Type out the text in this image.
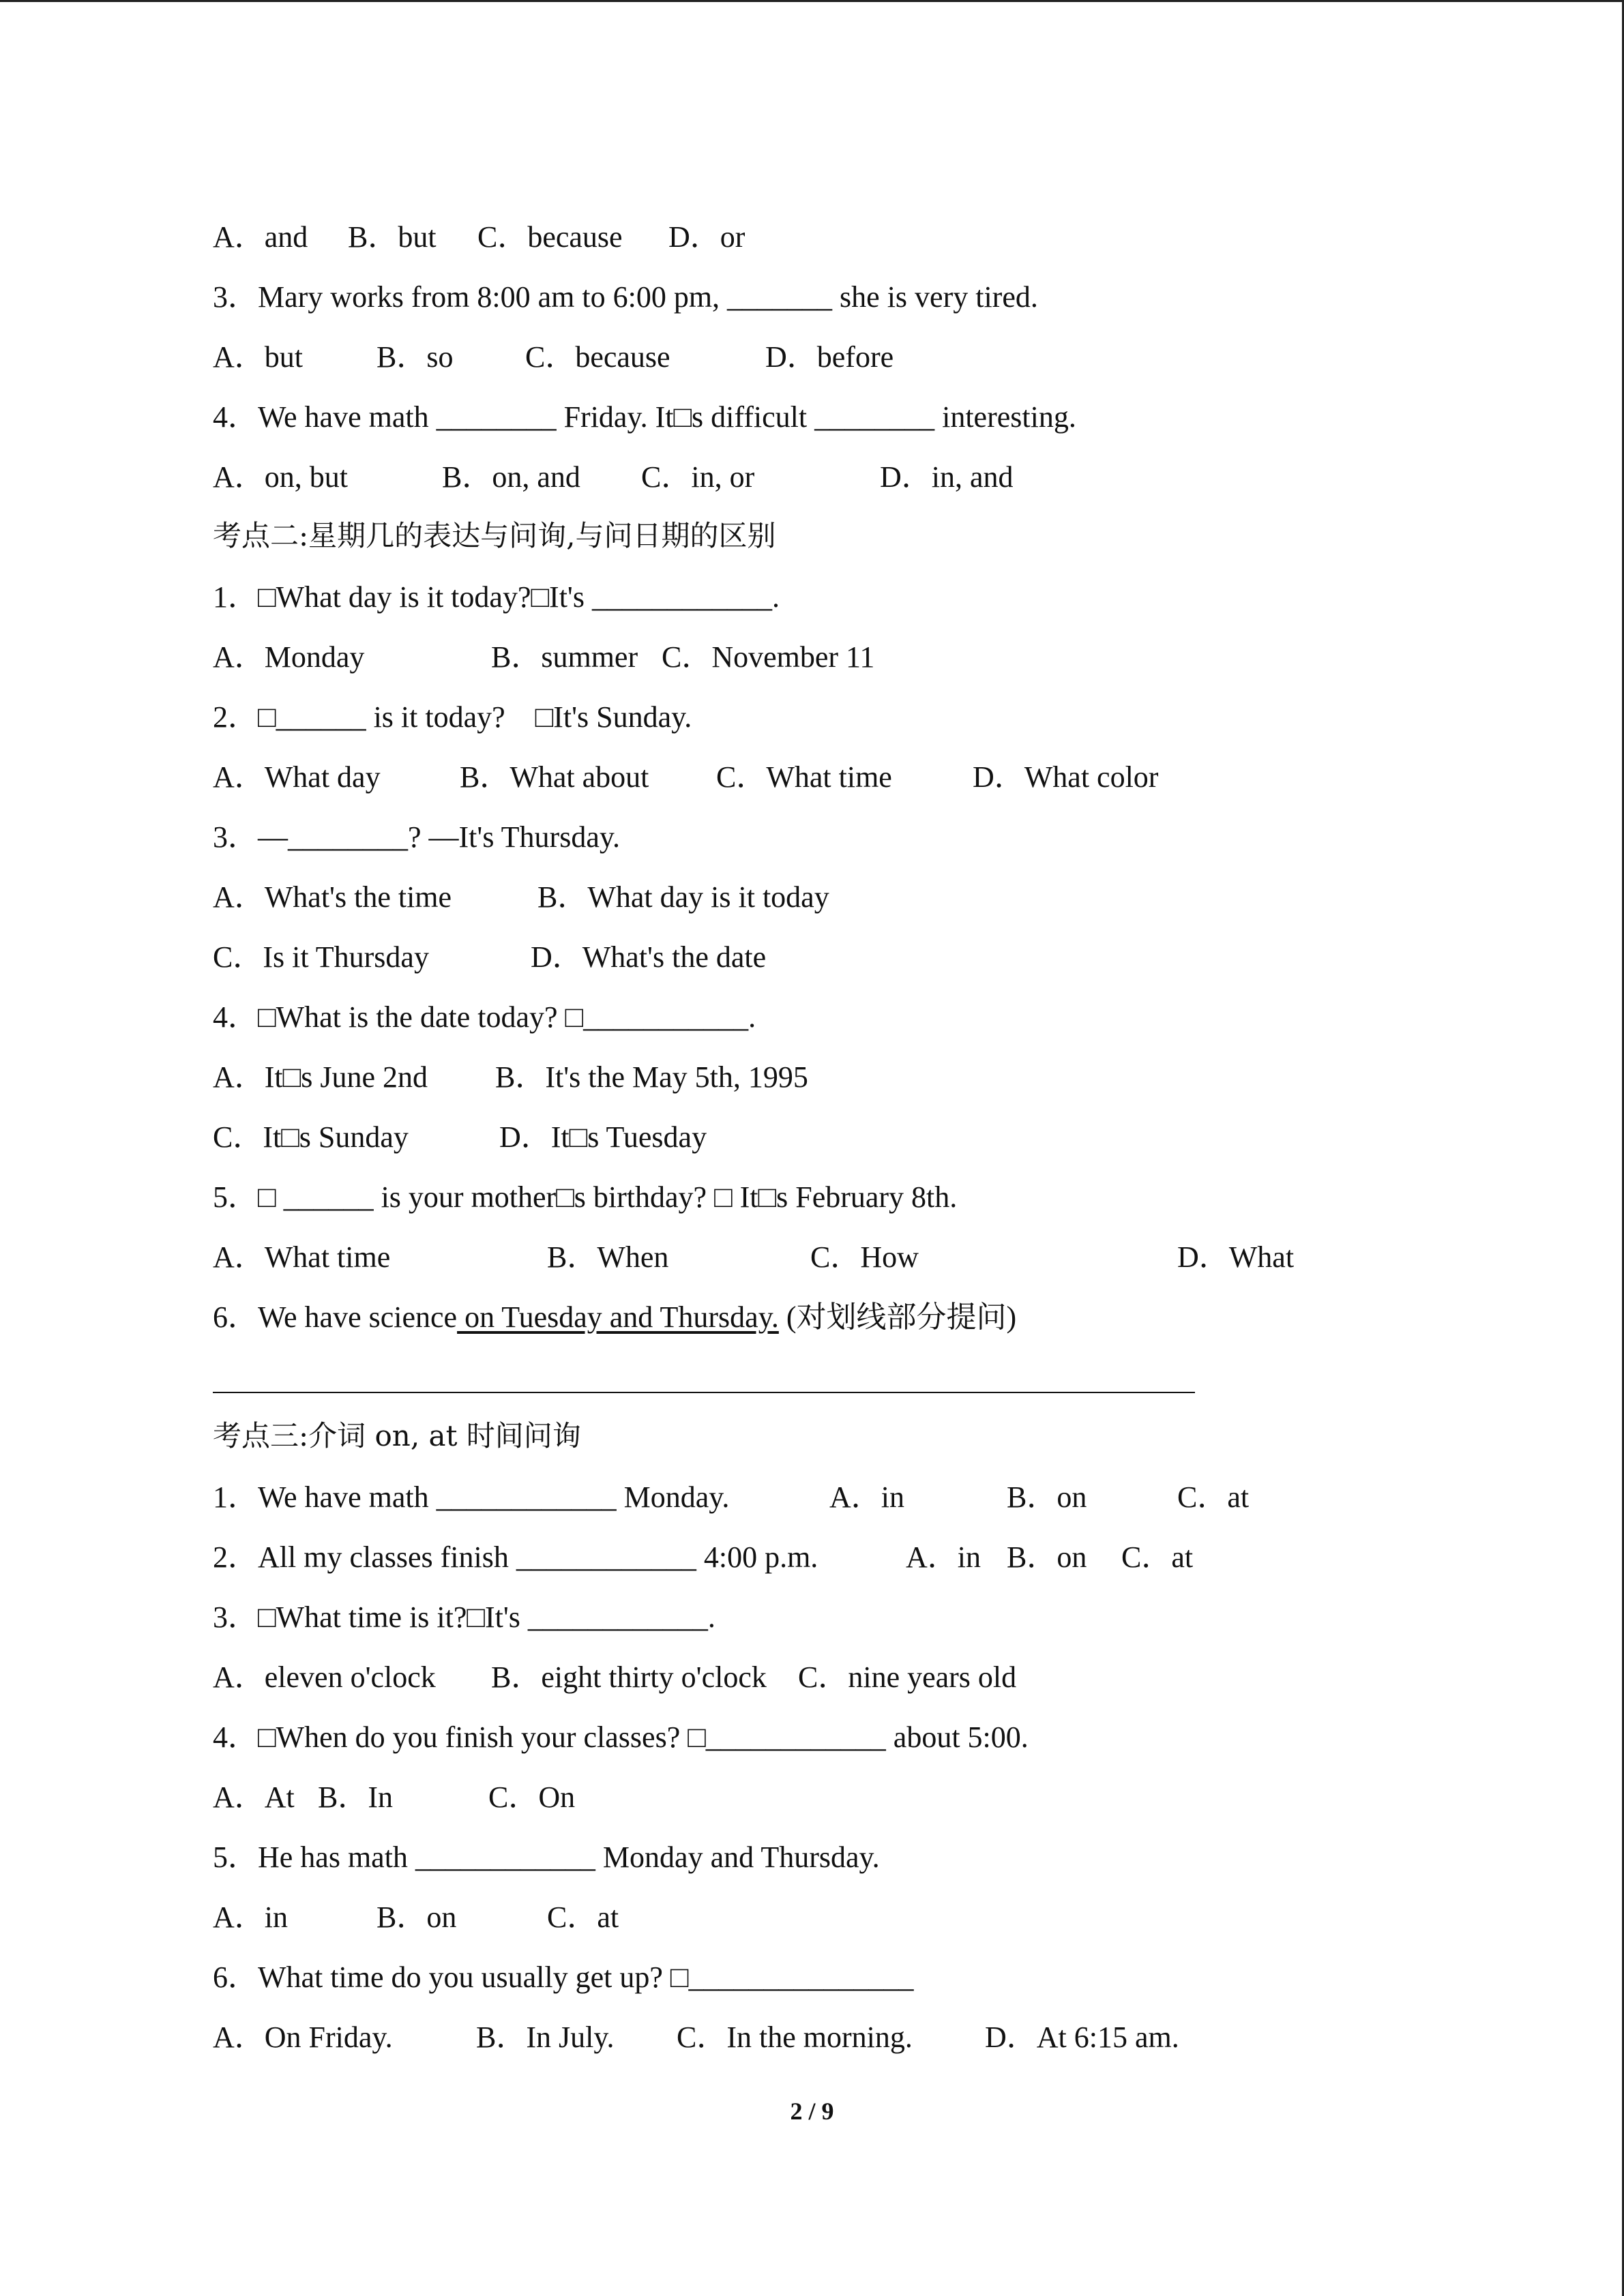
A．and B．but C．because D．or
3．Mary works from 8:00 am to 6:00 pm, _______ she is very tired.
A．but B．so C．because	D．before
4．We have math ________ Friday. It□s difficult ________ interesting.
A．on, but	B．on, and C．in, or	D．in, and
考点二:星期几的表达与问询,与问日期的区别
1．□What day is it today?□It's ____________.
A．Monday	B．summer C．November 11
2．□______ is it today?    □It's Sunday.
A．What day	B．What about C．What time	D．What color
3．—________? —It's Thursday.
A．What's the time	B．What day is it today
C．Is it Thursday	D．What's the date
4．□What is the date today? □___________.
A．It□s June 2nd B．It's the May 5th, 1995
C．It□s Sunday	D．It□s Tuesday
5．□ ______ is your mother□s birthday? □ It□s February 8th.
A．What time	B．When	C．How	D．What
6．We have science on Tuesday and Thursday. (对划线部分提问)
考点三:介词 on, at 时间问询
1．We have math ____________ Monday.	A．in	B．on	C．at
2．All my classes finish ____________ 4:00 p.m.	A．in B．on C．at
3．□What time is it?□It's ____________.
A．eleven o'clock B．eight thirty o'clock C．nine years old
4．□When do you finish your classes? □____________ about 5:00.
A．At B．In	C．On
5．He has math ____________ Monday and Thursday.
A．in	B．on	C．at
6．What time do you usually get up? □_______________
A．On Friday.	B．In July. C．In the morning. D．At 6:15 am.
2 / 9
